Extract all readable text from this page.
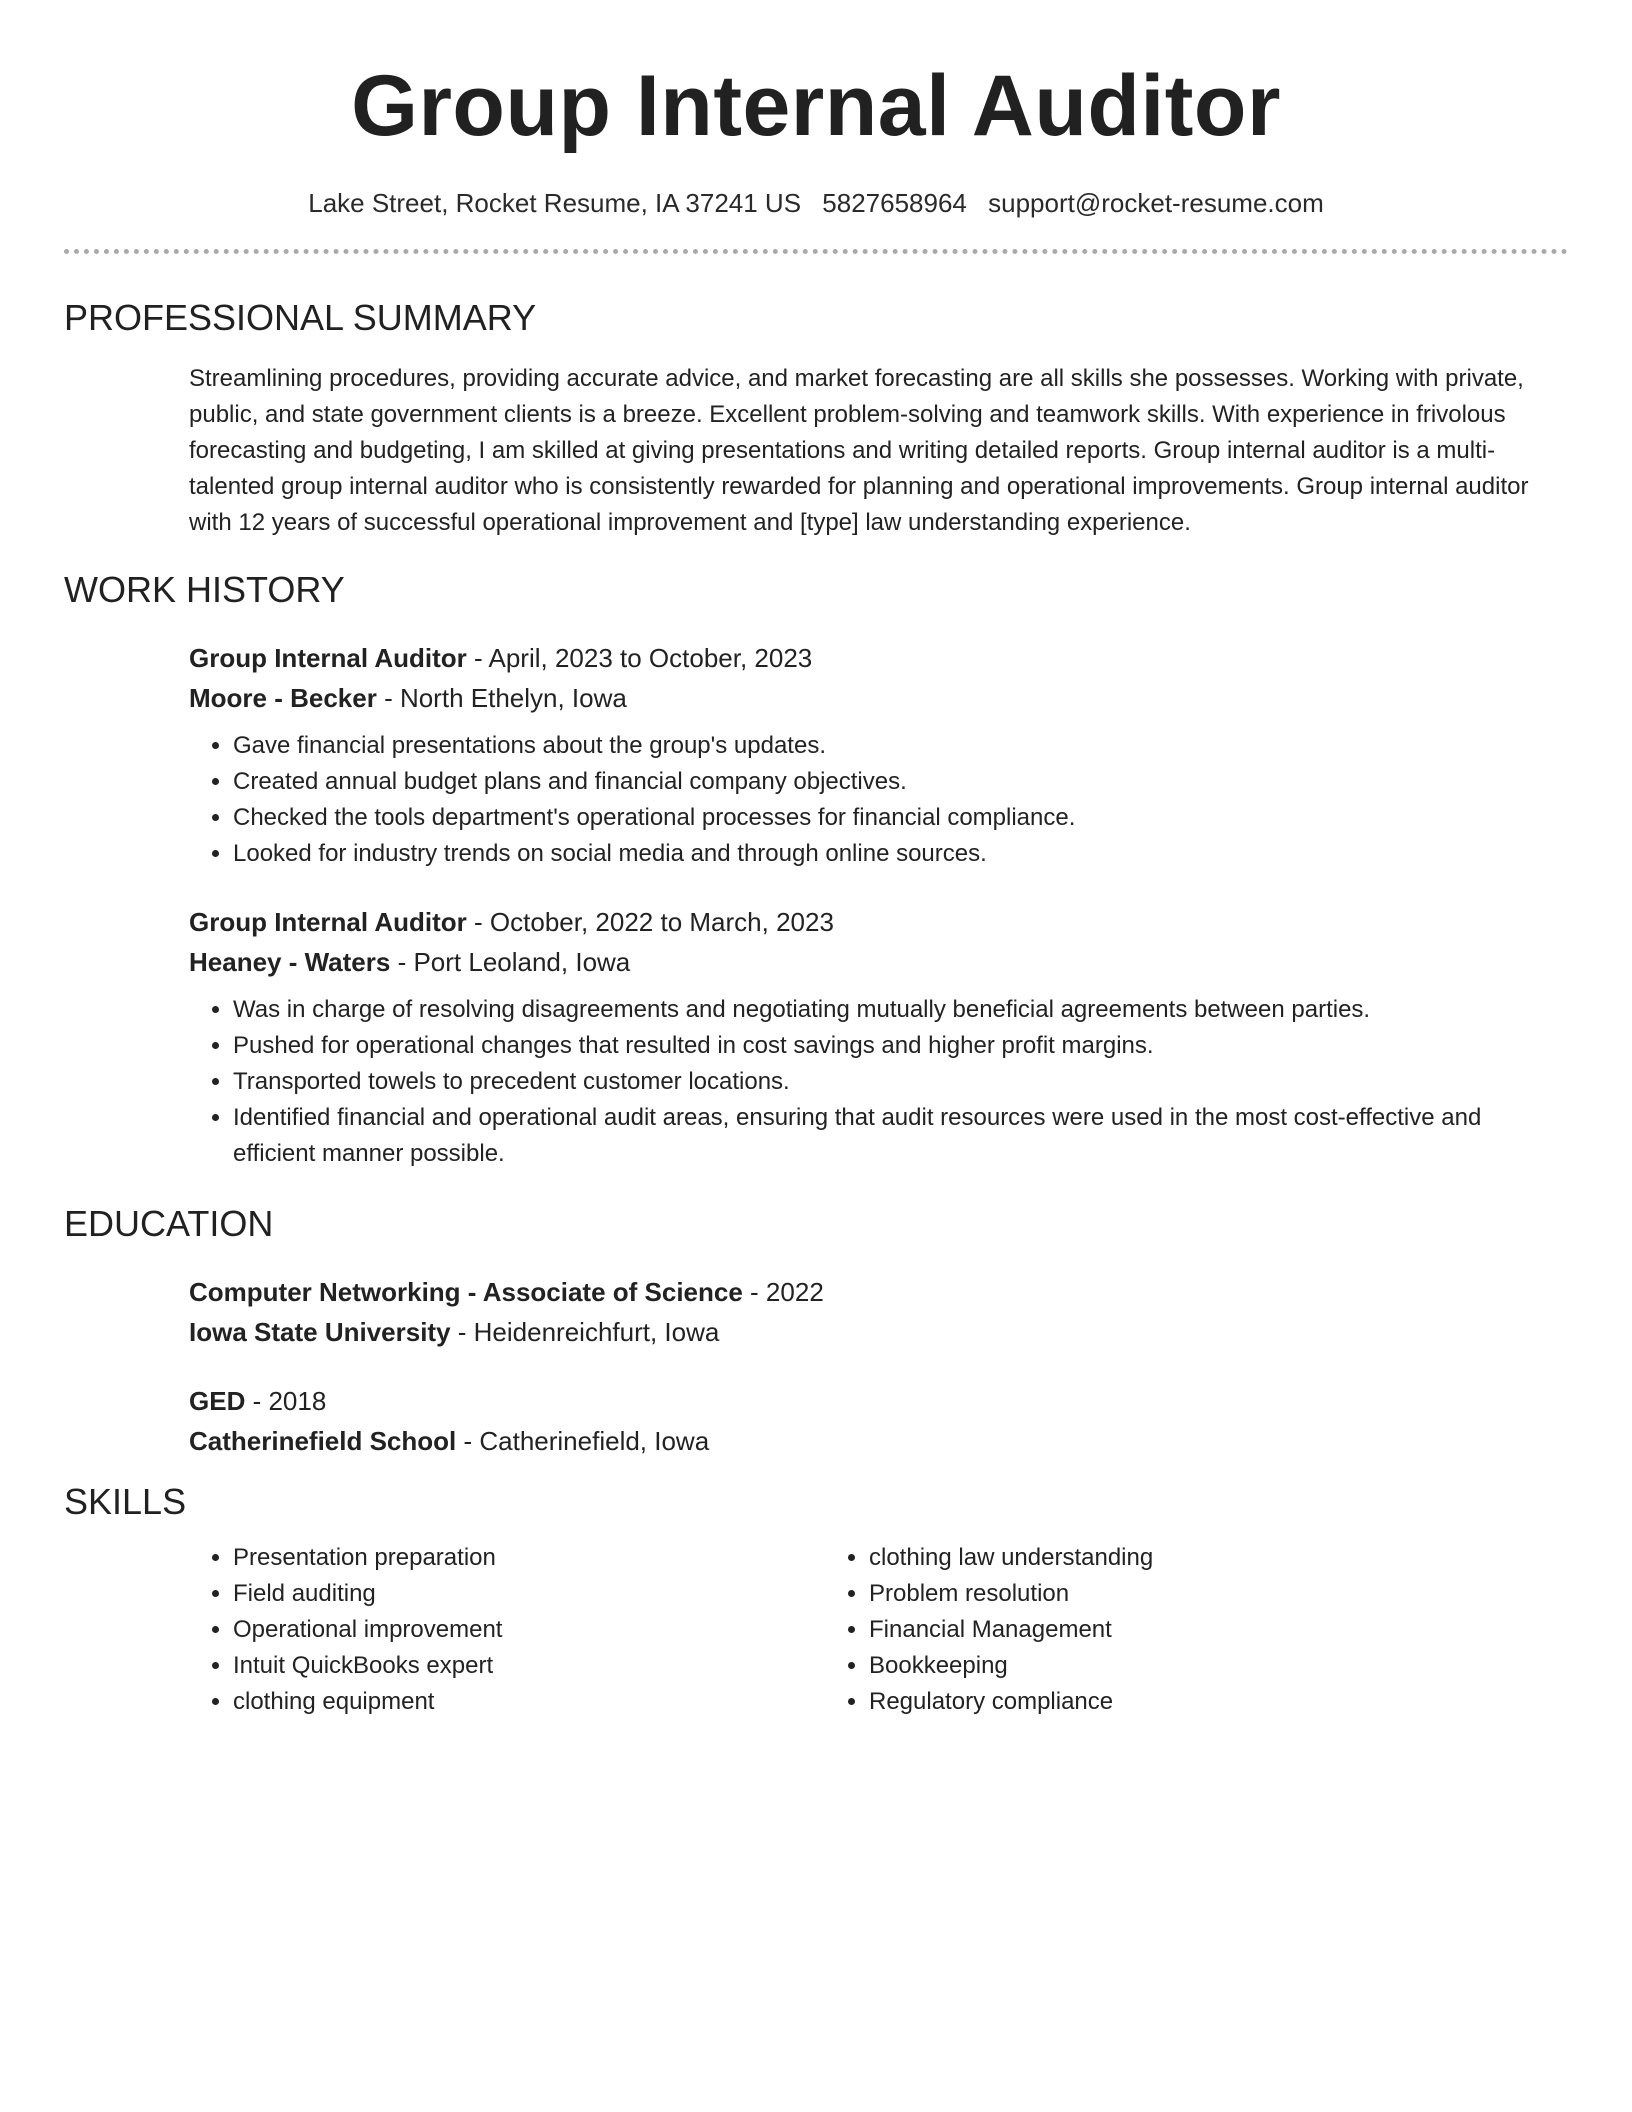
Group Internal Auditor
Lake Street, Rocket Resume, IA 37241 US 5827658964 support@rocket-resume.com
PROFESSIONAL SUMMARY
Streamlining procedures, providing accurate advice, and market forecasting are all skills she possesses. Working with private, public, and state government clients is a breeze. Excellent problem-solving and teamwork skills. With experience in frivolous forecasting and budgeting, I am skilled at giving presentations and writing detailed reports. Group internal auditor is a multi-talented group internal auditor who is consistently rewarded for planning and operational improvements. Group internal auditor with 12 years of successful operational improvement and [type] law understanding experience.
WORK HISTORY
Group Internal Auditor - April, 2023 to October, 2023
Moore - Becker - North Ethelyn, Iowa
• Gave financial presentations about the group's updates.
• Created annual budget plans and financial company objectives.
• Checked the tools department's operational processes for financial compliance.
• Looked for industry trends on social media and through online sources.
Group Internal Auditor - October, 2022 to March, 2023
Heaney - Waters - Port Leoland, Iowa
• Was in charge of resolving disagreements and negotiating mutually beneficial agreements between parties.
• Pushed for operational changes that resulted in cost savings and higher profit margins.
• Transported towels to precedent customer locations.
• Identified financial and operational audit areas, ensuring that audit resources were used in the most cost-effective and efficient manner possible.
EDUCATION
Computer Networking - Associate of Science - 2022
Iowa State University - Heidenreichfurt, Iowa
GED - 2018
Catherinefield School - Catherinefield, Iowa
SKILLS
• Presentation preparation
• Field auditing
• Operational improvement
• Intuit QuickBooks expert
• clothing equipment
• clothing law understanding
• Problem resolution
• Financial Management
• Bookkeeping
• Regulatory compliance
